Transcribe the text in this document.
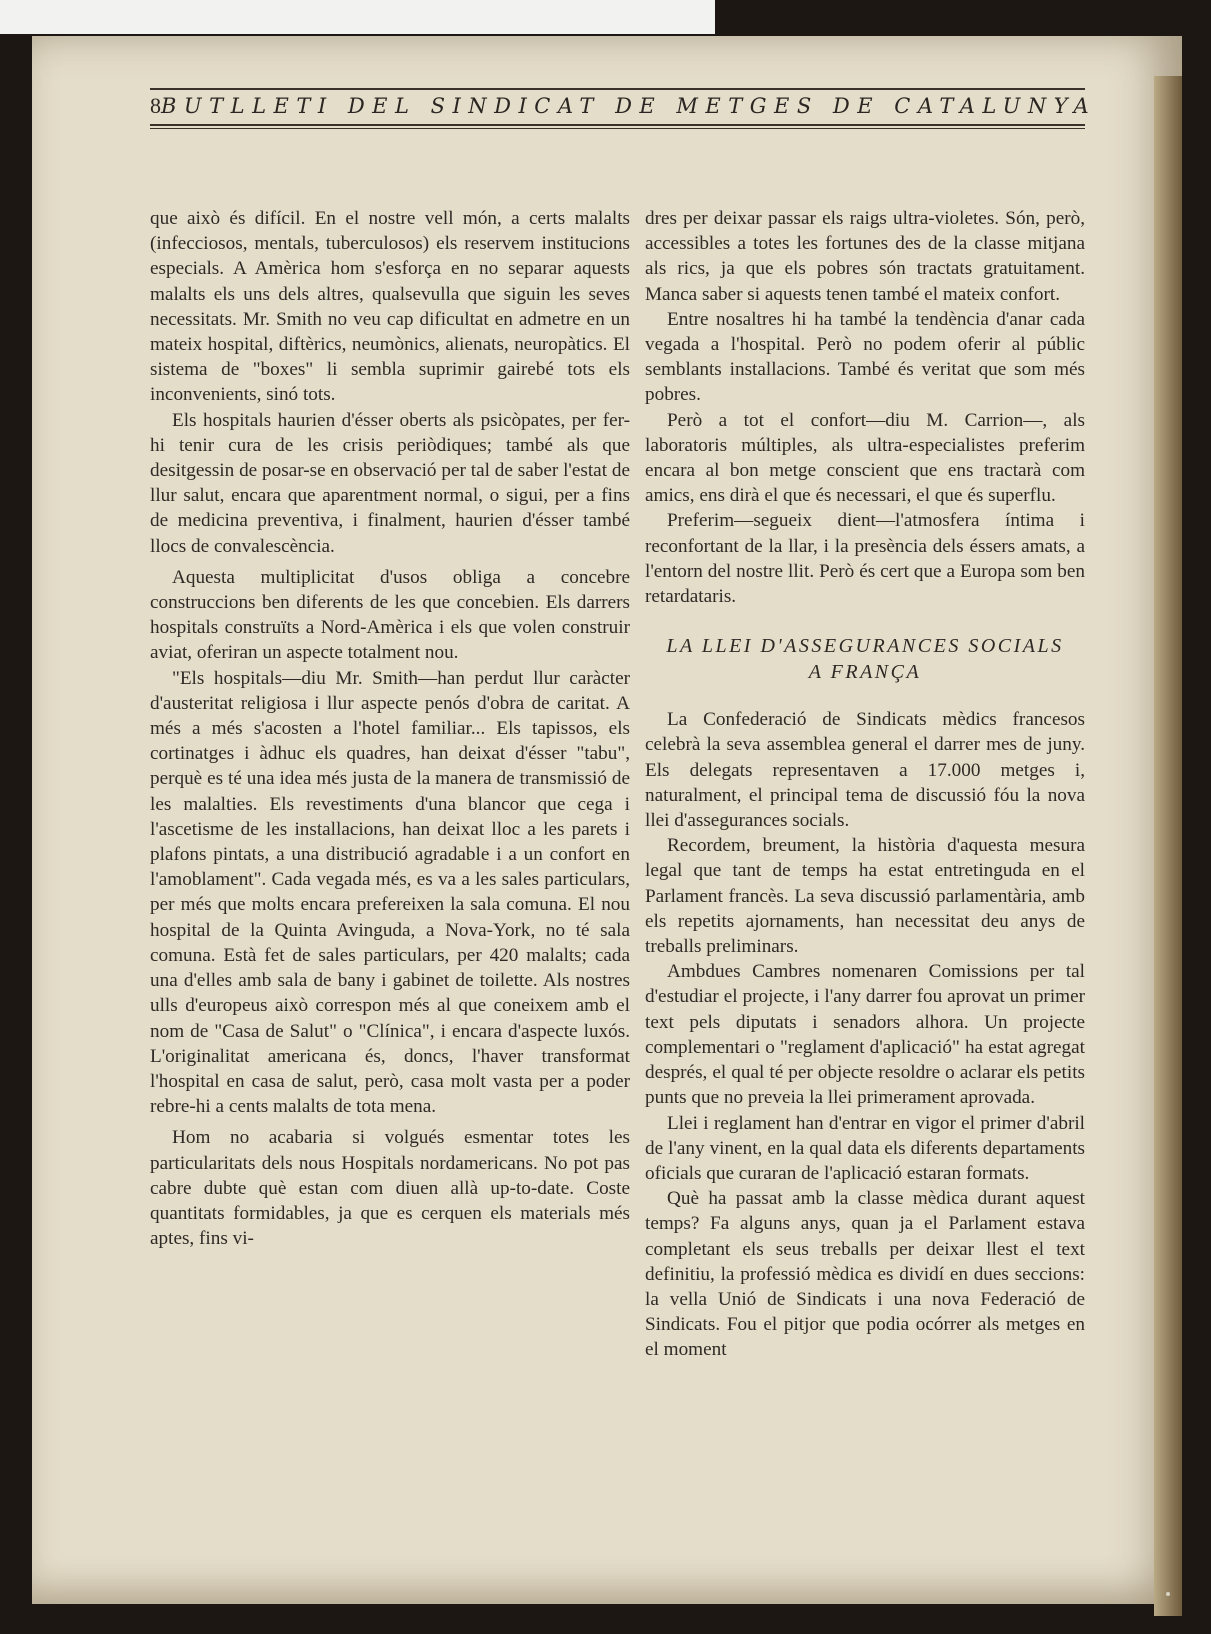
8 BUTLLETI DEL SINDICAT DE METGES DE CATALUNYA

que això és difícil. En el nostre vell món, a certs malalts (infecciosos, mentals, tuberculosos) els reservem institucions especials. A Amèrica hom s'esforça en no separar aquests malalts els uns dels altres, qualsevulla que siguin les seves necessitats. Mr. Smith no veu cap dificultat en admetre en un mateix hospital, diftèrics, neumònics, alienats, neuropàtics. El sistema de "boxes" li sembla suprimir gairebé tots els inconvenients, sinó tots.

Els hospitals haurien d'ésser oberts als psicòpates, per fer-hi tenir cura de les crisis periòdiques; també als que desitgessin de posar-se en observació per tal de saber l'estat de llur salut, encara que aparentment normal, o sigui, per a fins de medicina preventiva, i finalment, haurien d'ésser també llocs de convalescència.

Aquesta multiplicitat d'usos obliga a concebre construccions ben diferents de les que concebien. Els darrers hospitals construïts a Nord-Amèrica i els que volen construir aviat, oferiran un aspecte totalment nou.

"Els hospitals—diu Mr. Smith—han perdut llur caràcter d'austeritat religiosa i llur aspecte penós d'obra de caritat. A més a més s'acosten a l'hotel familiar... Els tapissos, els cortinatges i àdhuc els quadres, han deixat d'ésser "tabu", perquè es té una idea més justa de la manera de transmissió de les malalties. Els revestiments d'una blancor que cega i l'ascetisme de les installacions, han deixat lloc a les parets i plafons pintats, a una distribució agradable i a un confort en l'amoblament". Cada vegada més, es va a les sales particulars, per més que molts encara prefereixen la sala comuna. El nou hospital de la Quinta Avinguda, a Nova-York, no té sala comuna. Està fet de sales particulars, per 420 malalts; cada una d'elles amb sala de bany i gabinet de toilette. Als nostres ulls d'europeus això correspon més al que coneixem amb el nom de "Casa de Salut" o "Clínica", i encara d'aspecte luxós. L'originalitat americana és, doncs, l'haver transformat l'hospital en casa de salut, però, casa molt vasta per a poder rebre-hi a cents malalts de tota mena.

Hom no acabaria si volgués esmentar totes les particularitats dels nous Hospitals nordamericans. No pot pas cabre dubte què estan com diuen allà up-to-date. Coste quantitats formidables, ja que es cerquen els materials més aptes, fins vi-

dres per deixar passar els raigs ultra-violetes. Són, però, accessibles a totes les fortunes des de la classe mitjana als rics, ja que els pobres són tractats gratuitament. Manca saber si aquests tenen també el mateix confort.

Entre nosaltres hi ha també la tendència d'anar cada vegada a l'hospital. Però no podem oferir al públic semblants installacions. També és veritat que som més pobres.

Però a tot el confort—diu M. Carrion—, als laboratoris múltiples, als ultra-especialistes preferim encara al bon metge conscient que ens tractarà com amics, ens dirà el que és necessari, el que és superflu.

Preferim—segueix dient—l'atmosfera íntima i reconfortant de la llar, i la presència dels éssers amats, a l'entorn del nostre llit. Però és cert que a Europa som ben retardataris.

LA LLEI D'ASSEGURANCES SOCIALS
A FRANÇA

La Confederació de Sindicats mèdics francesos celebrà la seva assemblea general el darrer mes de juny. Els delegats representaven a 17.000 metges i, naturalment, el principal tema de discussió fóu la nova llei d'assegurances socials.

Recordem, breument, la història d'aquesta mesura legal que tant de temps ha estat entretinguda en el Parlament francès. La seva discussió parlamentària, amb els repetits ajornaments, han necessitat deu anys de treballs preliminars.

Ambdues Cambres nomenaren Comissions per tal d'estudiar el projecte, i l'any darrer fou aprovat un primer text pels diputats i senadors alhora. Un projecte complementari o "reglament d'aplicació" ha estat agregat després, el qual té per objecte resoldre o aclarar els petits punts que no preveia la llei primerament aprovada.

Llei i reglament han d'entrar en vigor el primer d'abril de l'any vinent, en la qual data els diferents departaments oficials que curaran de l'aplicació estaran formats.

Què ha passat amb la classe mèdica durant aquest temps? Fa alguns anys, quan ja el Parlament estava completant els seus treballs per deixar llest el text definitiu, la professió mèdica es dividí en dues seccions: la vella Unió de Sindicats i una nova Federació de Sindicats. Fou el pitjor que podia ocórrer als metges en el moment
